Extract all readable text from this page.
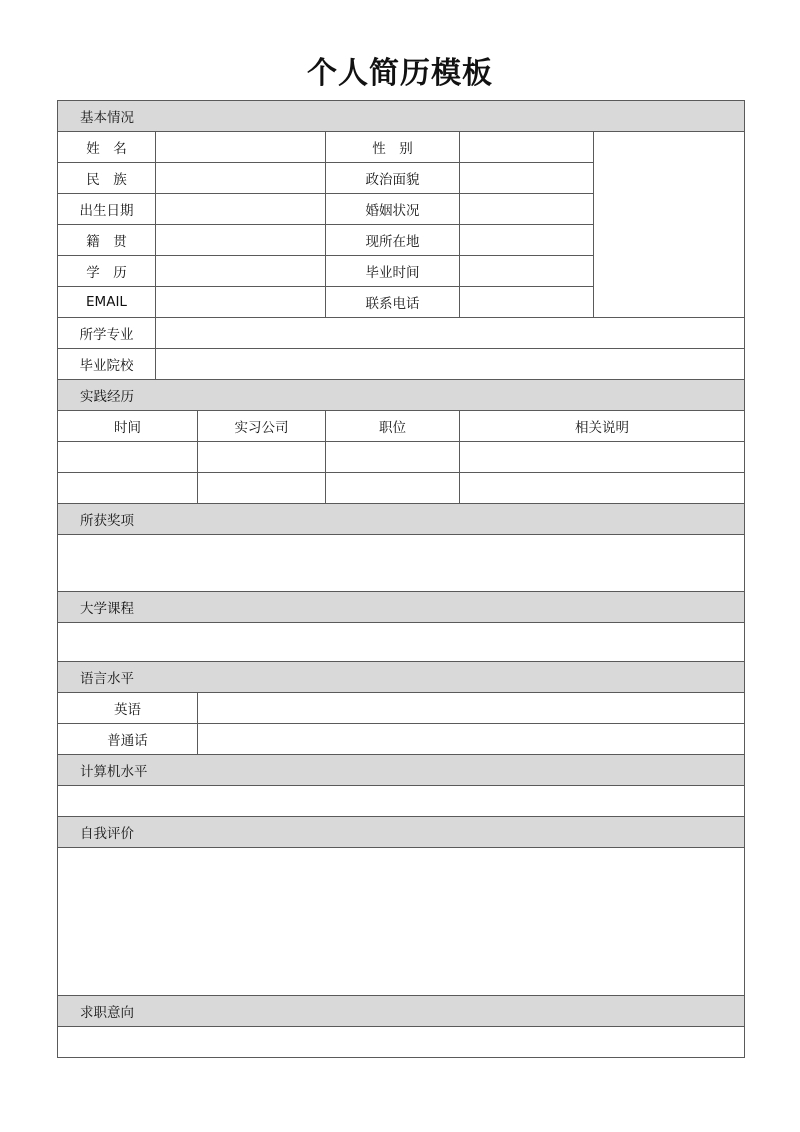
个人简历模板
基本情况					
姓　名			性　别		
民　族			政治面貌		
出生日期			婚姻状况		
籍　贯			现所在地		
学　历			毕业时间		
EMAIL			联系电话		
所学专业					
毕业院校					
实践经历					
时间		实习公司	职位	相关说明	

所获奖项					

大学课程					

语言水平					
英语					
普通话					
计算机水平					

自我评价					

求职意向					
